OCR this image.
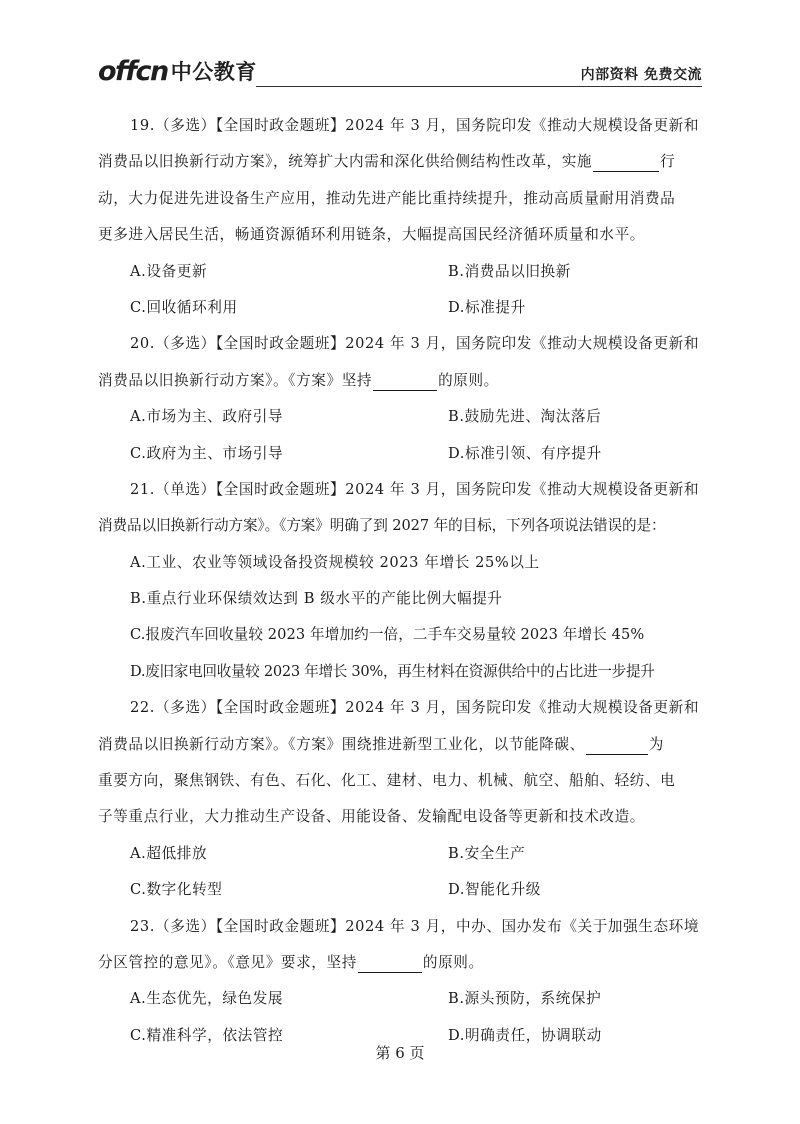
offcn 中公教育	内部资料 免费交流
19.（多选）【全国时政金题班】2024 年 3 月，国务院印发《推动大规模设备更新和
消费品以旧换新行动方案》，统筹扩大内需和深化供给侧结构性改革，实施	行
动，大力促进先进设备生产应用，推动先进产能比重持续提升，推动高质量耐用消费品
更多进入居民生活，畅通资源循环利用链条，大幅提高国民经济循环质量和水平。
A.设备更新	B.消费品以旧换新
C.回收循环利用	D.标准提升
20.（多选）【全国时政金题班】2024 年 3 月，国务院印发《推动大规模设备更新和
消费品以旧换新行动方案》。《方案》坚持	的原则。
A.市场为主、政府引导	B.鼓励先进、淘汰落后
C.政府为主、市场引导	D.标准引领、有序提升
21.（单选）【全国时政金题班】2024 年 3 月，国务院印发《推动大规模设备更新和
消费品以旧换新行动方案》。《方案》明确了到 2027 年的目标，下列各项说法错误的是：
A.工业、农业等领域设备投资规模较 2023 年增长 25%以上
B.重点行业环保绩效达到 B 级水平的产能比例大幅提升
C.报废汽车回收量较 2023 年增加约一倍，二手车交易量较 2023 年增长 45%
D.废旧家电回收量较 2023 年增长 30%，再生材料在资源供给中的占比进一步提升
22.（多选）【全国时政金题班】2024 年 3 月，国务院印发《推动大规模设备更新和
消费品以旧换新行动方案》。《方案》围绕推进新型工业化，以节能降碳、	为
重要方向，聚焦钢铁、有色、石化、化工、建材、电力、机械、航空、船舶、轻纺、电
子等重点行业，大力推动生产设备、用能设备、发输配电设备等更新和技术改造。
A.超低排放	B.安全生产
C.数字化转型	D.智能化升级
23.（多选）【全国时政金题班】2024 年 3 月，中办、国办发布《关于加强生态环境
分区管控的意见》。《意见》要求，坚持	的原则。
A.生态优先，绿色发展	B.源头预防，系统保护
C.精准科学，依法管控	D.明确责任，协调联动
第 6 页
